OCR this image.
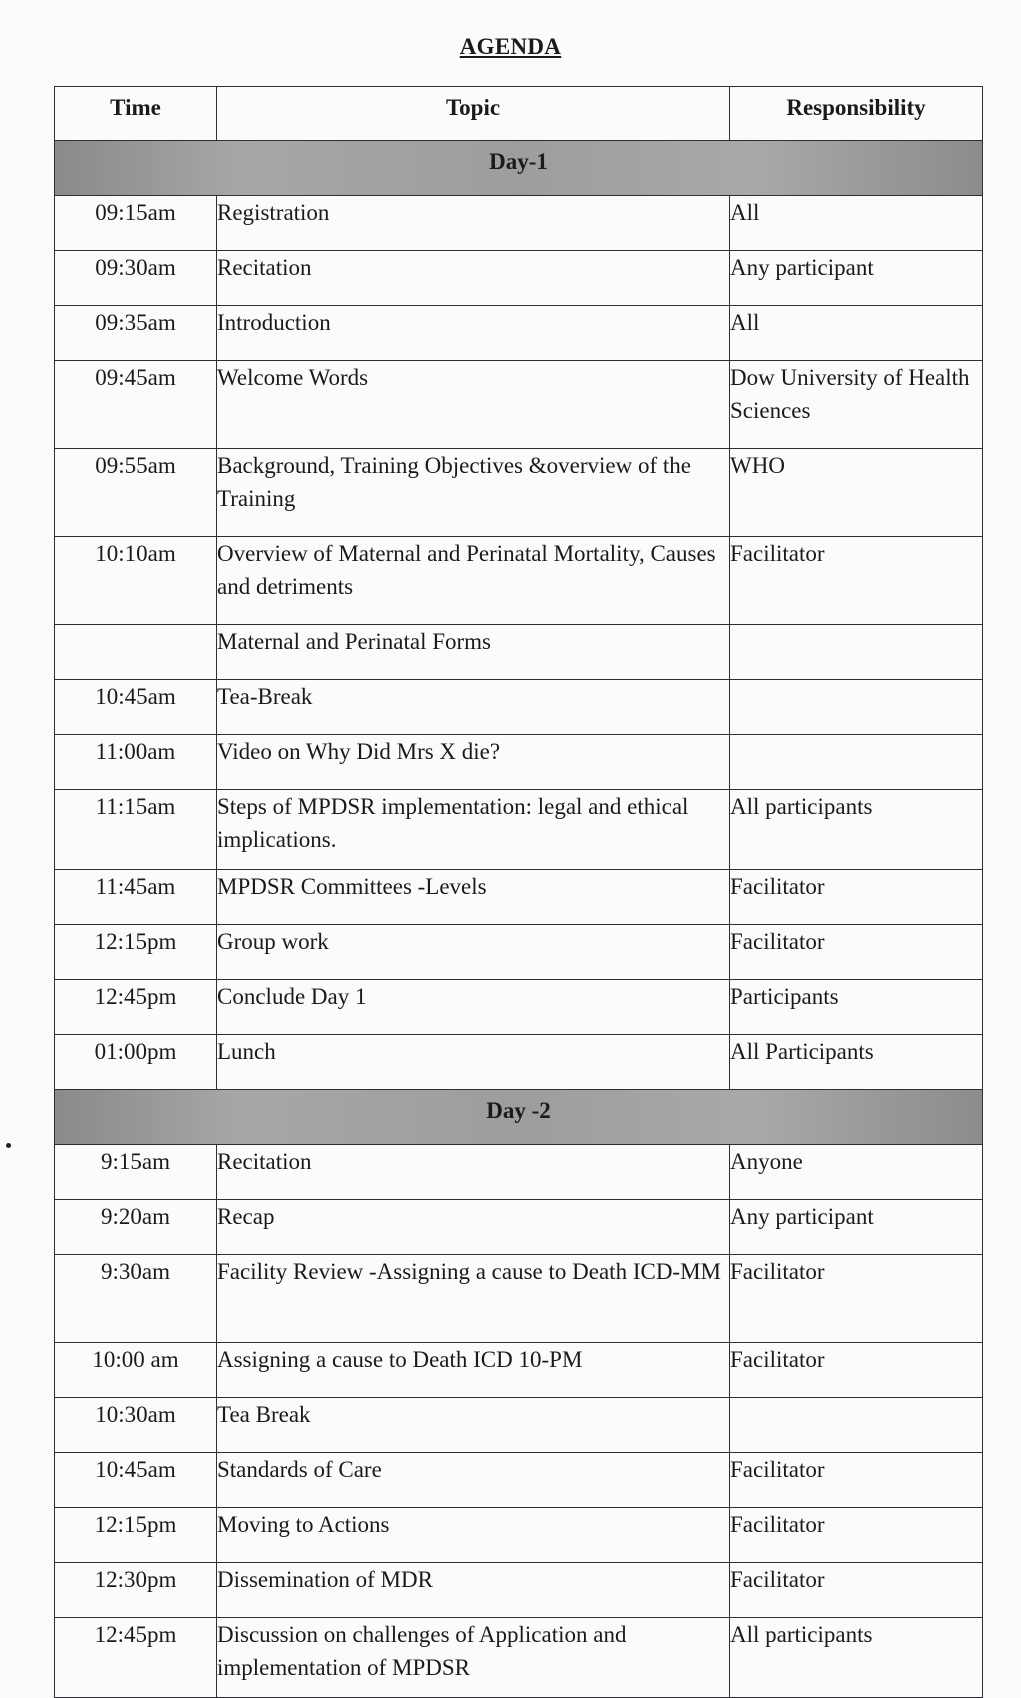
AGENDA
Time	Topic	Responsibility
Day-1		
09:15am	Registration	All
09:30am	Recitation	Any participant
09:35am	Introduction	All
09:45am	Welcome Words	Dow University of Health Sciences
09:55am	Background, Training Objectives &overview of the Training	WHO
10:10am	Overview of Maternal and Perinatal Mortality, Causes and detriments	Facilitator
	Maternal and Perinatal Forms	
10:45am	Tea-Break	
11:00am	Video on Why Did Mrs X die?	
11:15am	Steps of MPDSR implementation: legal and ethical implications.	All participants
11:45am	MPDSR Committees -Levels	Facilitator
12:15pm	Group work	Facilitator
12:45pm	Conclude Day 1	Participants
01:00pm	Lunch	All Participants
Day -2		
9:15am	Recitation	Anyone
9:20am	Recap	Any participant
9:30am	Facility Review -Assigning a cause to Death ICD-MM	Facilitator
10:00 am	Assigning a cause to Death ICD 10-PM	Facilitator
10:30am	Tea Break	
10:45am	Standards of Care	Facilitator
12:15pm	Moving to Actions	Facilitator
12:30pm	Dissemination of MDR	Facilitator
12:45pm	Discussion on challenges of Application and implementation of MPDSR	All participants
